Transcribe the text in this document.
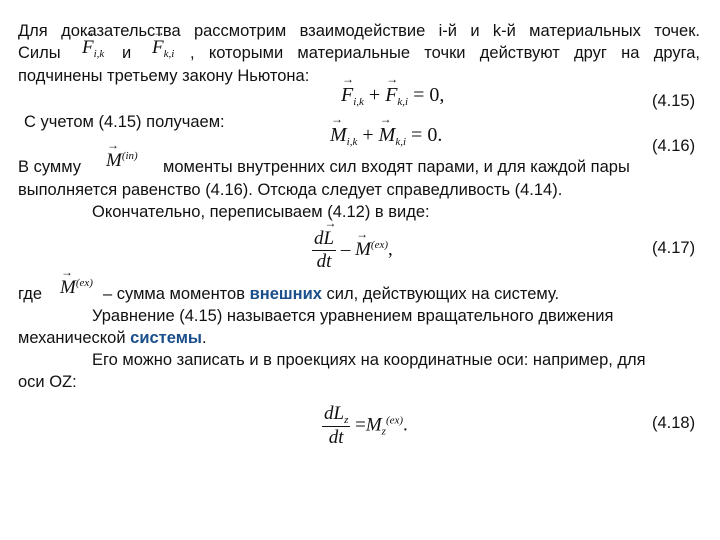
Для доказательства рассмотрим взаимодействие i-й и k-й материальных точек.
Силы
→ $F_{i,k}$ и
→ $F_{k,i}$ , которыми материальные точки действуют друг на друга,
подчинены третьему закону Ньютона:
→ $F_{i,k}$ + → $F_{k,i} = 0$,	(4.15)
С учетом (4.15) получаем:
→ $M_{i,k}$ + → $M_{k,i} = 0$.	(4.16)
В сумму
→ $M^{(in)}$
моменты внутренних сил входят парами, и для каждой пары
выполняется равенство (4.16). Отсюда следует справедливость (4.14).
Окончательно, переписываем (4.12) в виде:
$\frac{d\to L}{dt}$ – → $M^{(ex)}$,	(4.17)
где
→ $M^{(ex)}$
– сумма моментов внешних сил, действующих на систему.
Уравнение (4.15) называется уравнением вращательного движения
механической системы.
Его можно записать и в проекциях на координатные оси: например, для
оси OZ:
$\frac{dL_z}{dt} =M_z^{(ex)}$.	(4.18)
